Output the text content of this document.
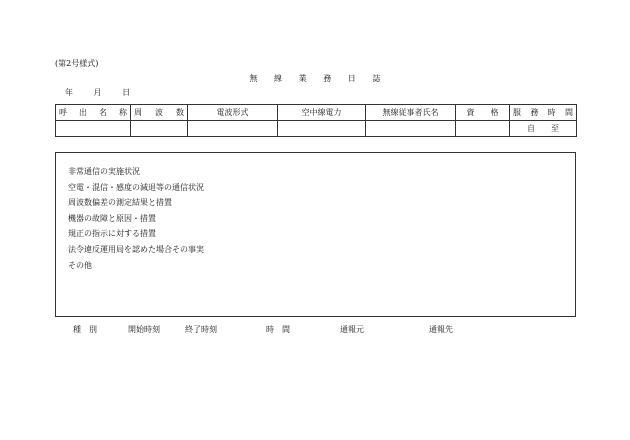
(第2号様式)
無　　線　　業　　務　　日　　誌
年	月	日
呼出名称	周波数	電波形式	空中線電力	無線従事者氏名	資　　格	服務時間
						自　　至
非常通信の実施状況
空電・混信・感度の減退等の通信状況
周波数偏差の測定結果と措置
機器の故障と原因・措置
規正の指示に対する措置
法令違反運用局を認めた場合その事実
その他
種　別	開始時刻	終了時刻	時　間	通報元	通報先
